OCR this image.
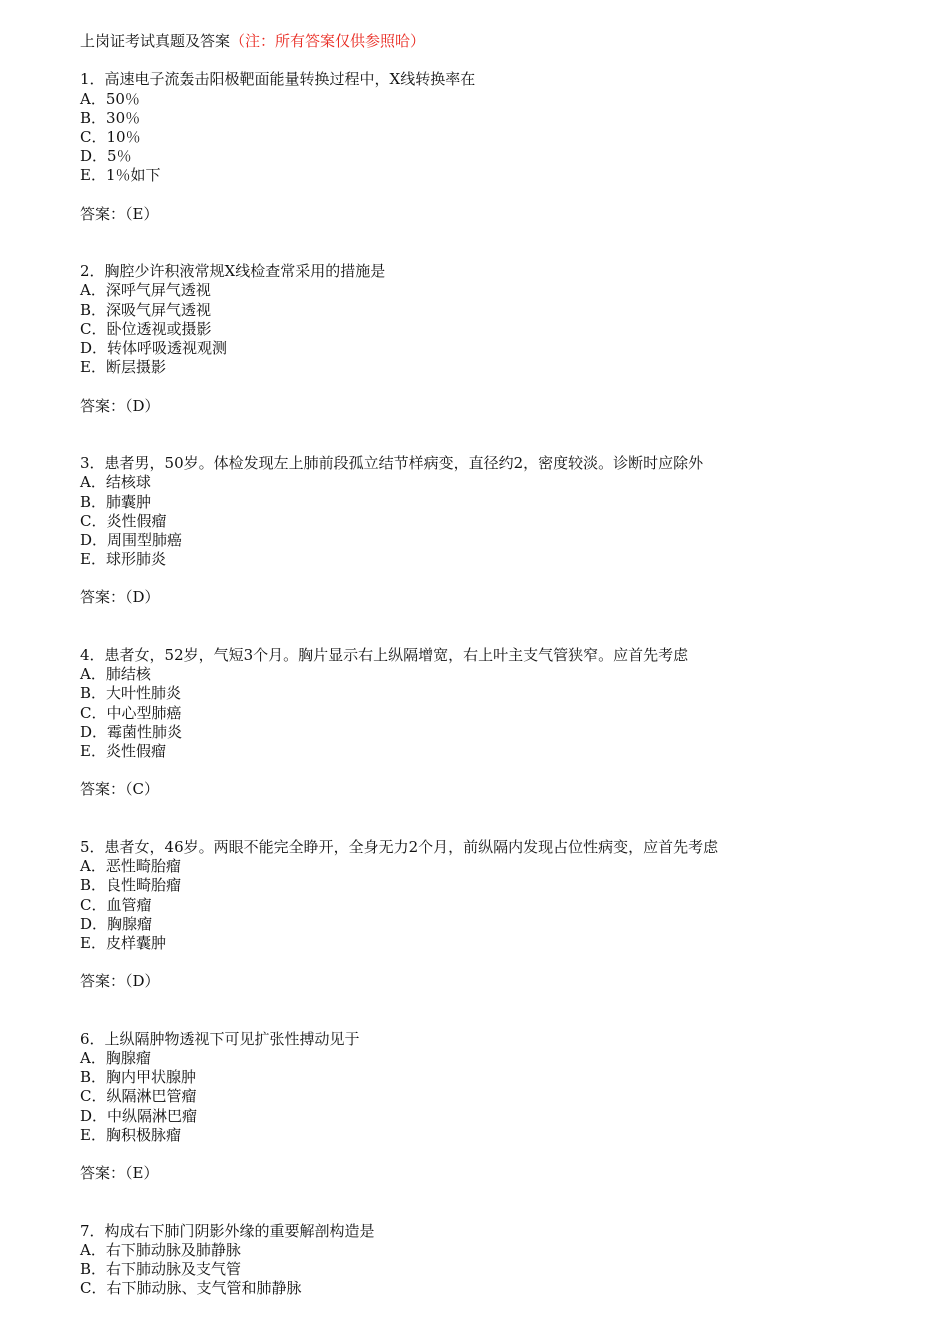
上岗证考试真题及答案（注：所有答案仅供参照哈）
1．高速电子流轰击阳极靶面能量转换过程中，X线转换率在
A．50％
B．30％
C．10％
D．5％
E．1％如下
答案：（E）
2．胸腔少许积液常规X线检查常采用的措施是
A．深呼气屏气透视
B．深吸气屏气透视
C．卧位透视或摄影
D．转体呼吸透视观测
E．断层摄影
答案：（D）
3．患者男，50岁。体检发现左上肺前段孤立结节样病变，直径约2，密度较淡。诊断时应除外
A．结核球
B．肺囊肿
C．炎性假瘤
D．周围型肺癌
E．球形肺炎
答案：（D）
4．患者女，52岁，气短3个月。胸片显示右上纵隔增宽，右上叶主支气管狭窄。应首先考虑
A．肺结核
B．大叶性肺炎
C．中心型肺癌
D．霉菌性肺炎
E．炎性假瘤
答案：（C）
5．患者女，46岁。两眼不能完全睁开，全身无力2个月，前纵隔内发现占位性病变，应首先考虑
A．恶性畸胎瘤
B．良性畸胎瘤
C．血管瘤
D．胸腺瘤
E．皮样囊肿
答案：（D）
6．上纵隔肿物透视下可见扩张性搏动见于
A．胸腺瘤
B．胸内甲状腺肿
C．纵隔淋巴管瘤
D．中纵隔淋巴瘤
E．胸积极脉瘤
答案：（E）
7．构成右下肺门阴影外缘的重要解剖构造是
A．右下肺动脉及肺静脉
B．右下肺动脉及支气管
C．右下肺动脉、支气管和肺静脉
